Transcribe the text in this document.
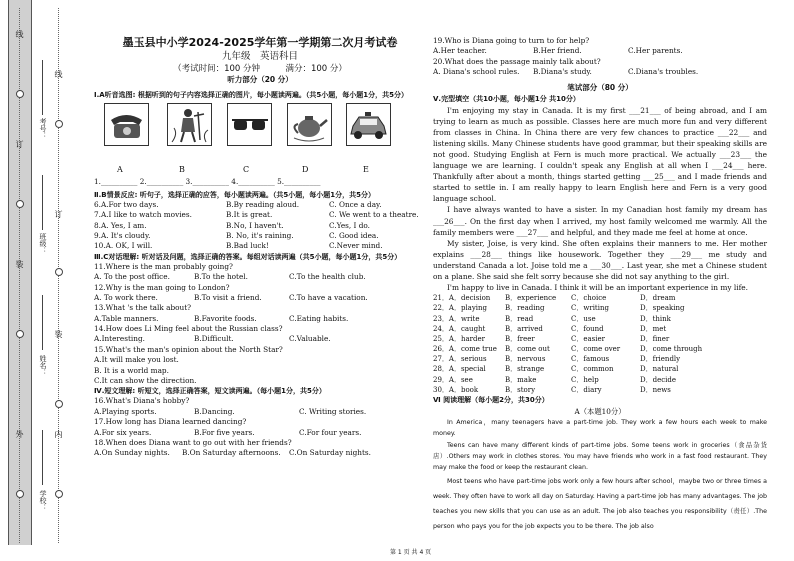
线
订
装
外
线
订
装
内
考号：
班级：
姓名：
学校：
墨玉县中小学2024-2025学年第一学期第二次月考试卷
九年级　英语科目
（考试时间：100 分钟　　　满分：100 分）
听力部分（20 分）
Ⅰ.A听音选图: 根据听到的句子内容选择正确的图片，每小题读两遍。（共5小题，每小题1分，共5分）
A	B	C	D	E
1.__________ 2.__________ 3.__________ 4.__________ 5.__________
Ⅱ.B情景反应: 听句子，选择正确的应答，每小题读两遍。（共5小题，每小题1分，共5分）
6.A.For two days.	B.By reading aloud.	C. Once a day.
7.A.I like to watch movies.	B.It is great.	C. We went to a theatre.
8.A. Yes, I am.	B.No, I haven't.	C.Yes, I do.
9.A. It's cloudy.	B. No, it's raining.	C. Good idea.
10.A. OK, I will.	B.Bad luck!	C.Never mind.
Ⅲ.C对话理解: 听对话及问题，选择正确的答案。每组对话读两遍（共5小题，每小题1分，共5分）
11.Where is the man probably going?
A. To the post office.	B.To the hotel.	C.To the health club.
12.Why is the man going to London?
A. To work there.	B.To visit a friend.	C.To have a vacation.
13.What 's the talk about?
A.Table manners.	B.Favorite foods.	C.Eating habits.
14.How does Li Ming feel about the Russian class?
A.Interesting.	B.Difficult.	C.Valuable.
15.What's the man's opinion about the North Star?
A.It will make you lost.
B. It is a world map.
C.It can show the direction.
Ⅳ.短文理解: 听短文，选择正确答案，短文读两遍。（每小题1分，共5分）
16.What's Diana's hobby?
A.Playing sports.	B.Dancing.	C. Writing stories.
17.How long has Diana learned dancing?
A.For six years.	B.For five years.	C.For four years.
18.When does Diana want to go out with her friends?
A.On Sunday nights. B.On Saturday afternoons. C.On Saturday nights.
19.Who is Diana going to turn to for help?
A.Her teacher.	B.Her friend.	C.Her parents.
20.What does the passage mainly talk about?
A. Diana's school rules. B.Diana's study.	C.Diana's troubles.
笔试部分（80 分）
Ⅴ.完型填空（共10小题，每小题1分 共10分）
I'm enjoying my stay in Canada. It is my first ___21___ of being abroad, and I am trying to learn as much as possible. Classes here are much more fun and very different from classes in China. In China there are very few chances to practice ___22___ and listening skills. Many Chinese students have good grammar, but their speaking skills are not good. Studying English at Fern is much more practical. We actually ___23___ the language we are learning. I couldn't speak any English at all when I ___24___ here. Thankfully after about a month, things started getting ___25___ and I made friends and started to settle in. I am really happy to learn English here and Fern is a very good language school.
I have always wanted to have a sister. In my Canadian host family my dream has ___26___. On the first day when I arrived, my host family welcomed me warmly. All the family members were ___27___ and helpful, and they made me feel at home at once.
My sister, Joise, is very kind. She often explains their manners to me. Her mother explains ___28___ things like housework. Together they ___29___ me study and understand Canada a lot. Joise told me a ___30___. Last year, she met a Chinese student on a plane. She said she felt sorry because she did not say anything to the girl.
I'm happy to live in Canada. I think it will be an important experience in my life.
21．A．decision B．experience C．choice	D．dream
22．A．playing	B．reading	C．writing	D．speaking
23．A．write	B．read	C．use	D．think
24．A．caught	B．arrived	C．found	D．met
25．A．harder	B．freer	C．easier	D．finer
26．A．come true B．come out	C．come over	D．come through
27．A．serious	B．nervous	C．famous	D．friendly
28．A．special	B．strange	C．common	D．natural
29．A．see	B．make	C．help	D．decide
30．A．book	B．story	C．diary	D．news
Ⅵ 阅读理解（每小题2分，共30分）
A（本题10分）
In America，many teenagers have a part-time job. They work a few hours each week to make money.
Teens can have many different kinds of part-time jobs. Some teens work in groceries（食品杂货店）.Others may work in clothes stores. You may have friends who work in a fast food restaurant. They may make the food or keep the restaurant clean.
Most teens who have part-time jobs work only a few hours after school，maybe two or three times a week. They often have to work all day on Saturday. Having a part-time job has many advantages. The job teaches you new skills that you can use as an adult. The job also teaches you responsibility（责任）.The person who pays you for the job expects you to be there. The job also
第 1 页 共 4 页
